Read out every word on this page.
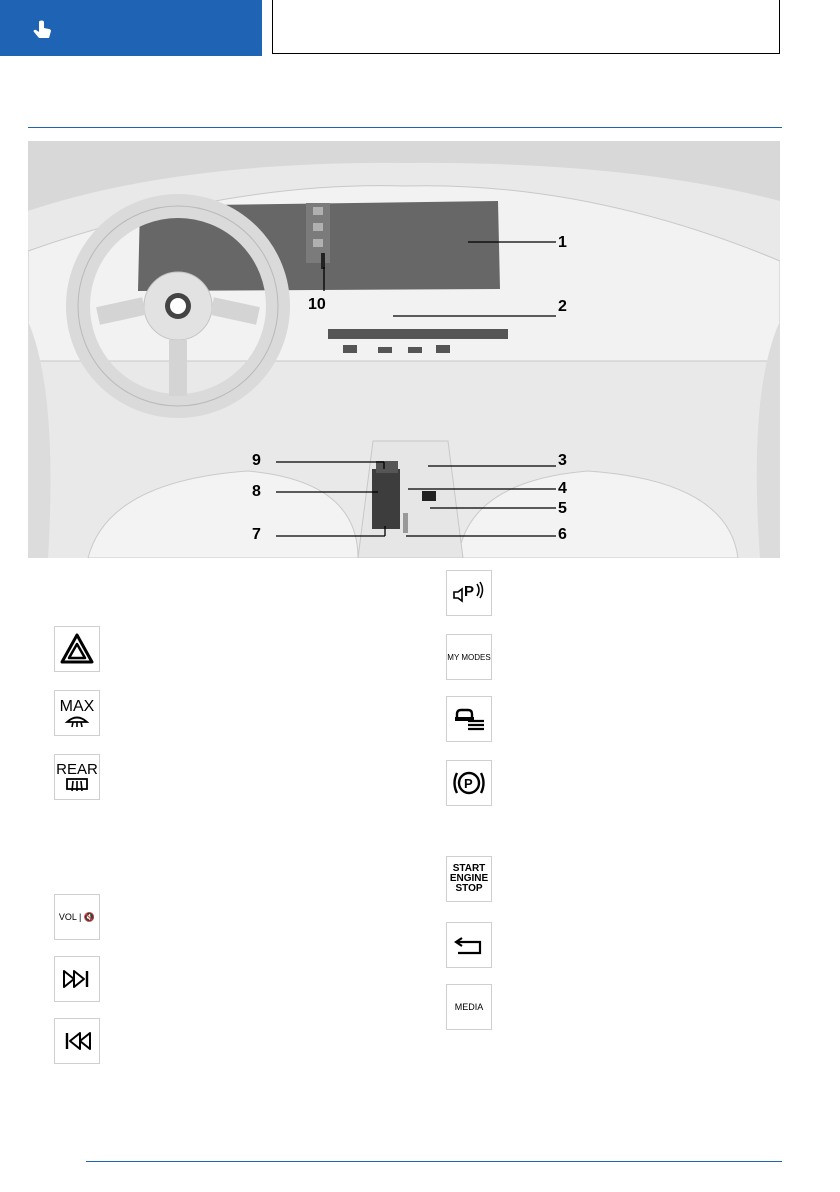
1
2
3
4
5
6
7
8
9
10
MAX
REAR
VOL | 🔇
P
MY MODES
P
START ENGINE STOP
MEDIA
